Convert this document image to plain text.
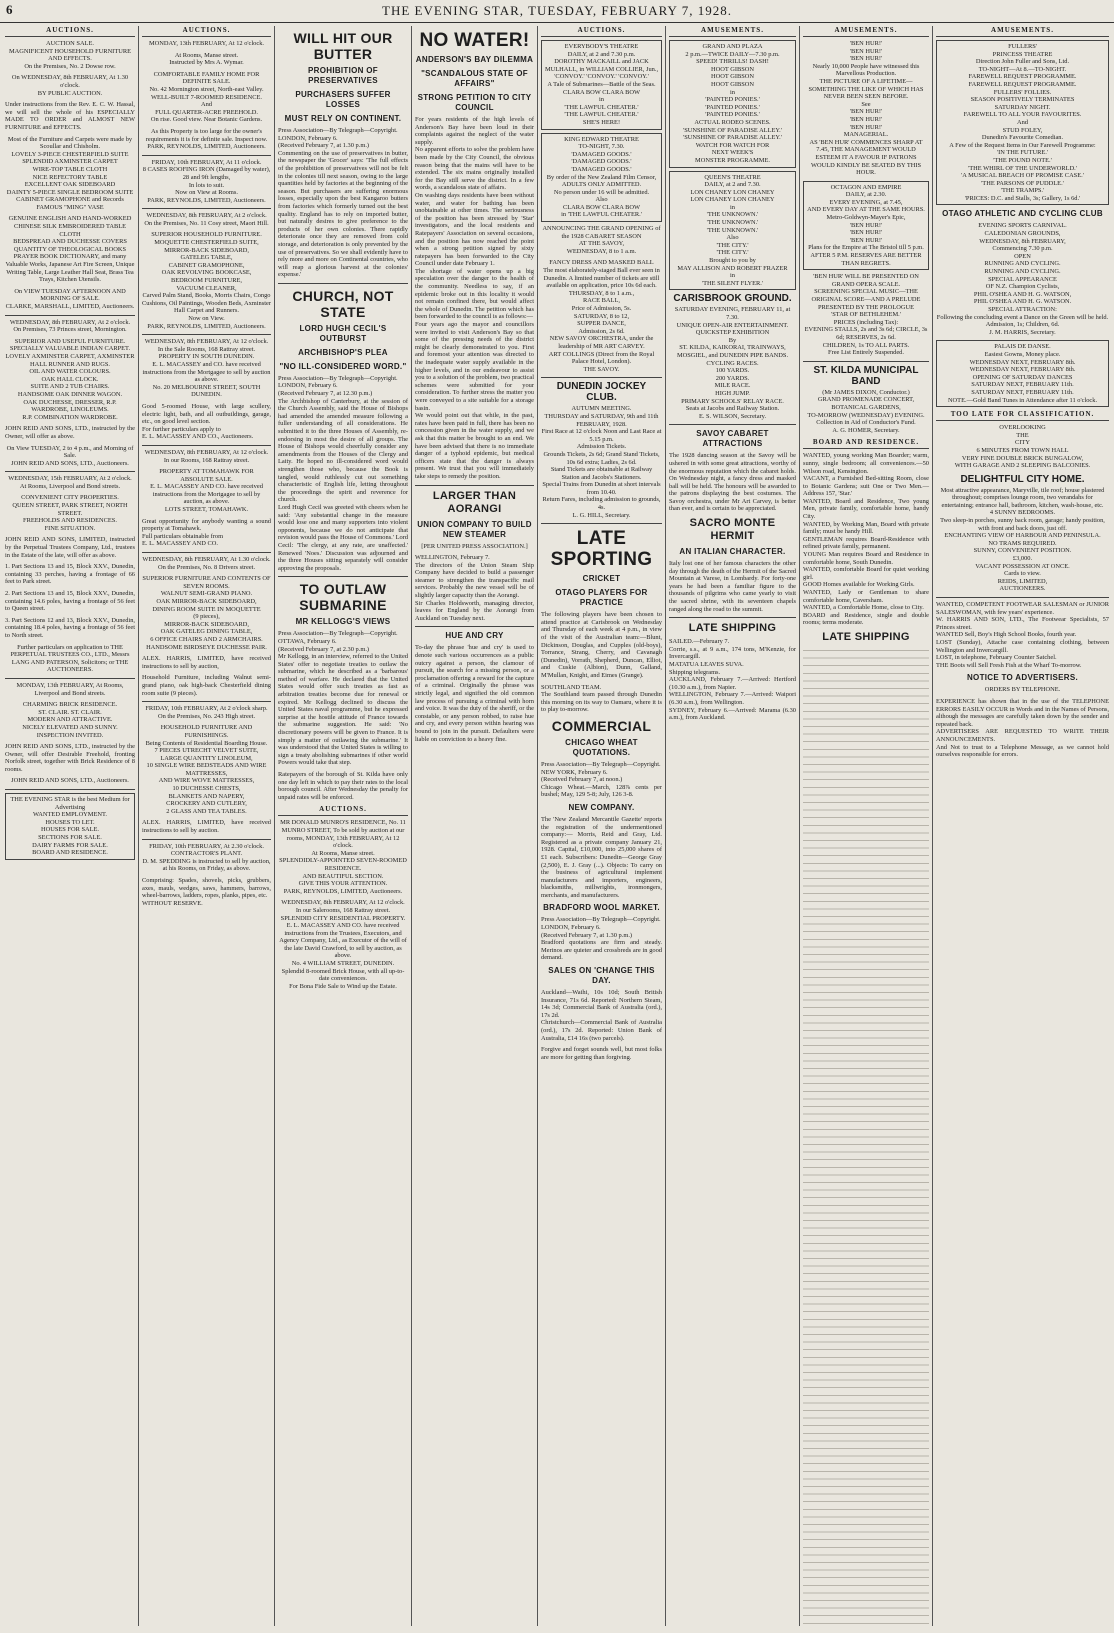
6	THE EVENING STAR, TUESDAY, FEBRUARY 7, 1928.
AUCTIONS.
AUCTION SALE.
MAGNIFICENT HOUSEHOLD FURNITURE AND EFFECTS.
On the Premises, No. 2 Dowse row.
On WEDNESDAY, 8th FEBRUARY, At 1.30 o'clock.
BY PUBLIC AUCTION.
Under instructions from the Rev. E. C. W. Hassal, we will sell the whole of his ESPECIALLY MADE TO ORDER and ALMOST NEW FURNITURE and EFFECTS.
Most of the Furniture and Carpets were made by Scoullar and Chisholm.
LOVELY 3-PIECE CHESTERFIELD SUITE
SPLENDID AXMINSTER CARPET
WIRE-TOP TABLE CLOTH
NICE REFECTORY TABLE
EXCELLENT OAK SIDEBOARD
DAINTY 5-PIECE SINGLE BEDROOM SUITE
CABINET GRAMOPHONE and Records
FAMOUS "MING" VASE
GENUINE ENGLISH AND HAND-WORKED CHINESE SILK EMBROIDERED TABLE CLOTH
BEDSPREAD AND DUCHESSE COVERS
QUANTITY OF THEOLOGICAL BOOKS
PRAYER BOOK DICTIONARY, and many Valuable Works, Japanese Art Fire Screen, Unique Writing Table, Large Leather Hall Seat, Brass Tea Trays, Kitchen Utensils.
On VIEW TUESDAY AFTERNOON AND MORNING OF SALE.
CLARKE, MARSHALL, LIMITED, Auctioneers.
WEDNESDAY, 8th FEBRUARY, At 2 o'clock.
On Premises, 73 Princes street, Mornington.
SUPERIOR AND USEFUL FURNITURE.
SPECIALLY VALUABLE INDIAN CARPET.
LOVELY AXMINSTER CARPET, AXMINSTER HALL RUNNER AND RUGS.
OIL AND WATER COLOURS.
OAK HALL CLOCK.
SUITE AND 2 TUB CHAIRS.
HANDSOME OAK DINNER WAGON.
OAK DUCHESSE, DRESSER, R.P. WARDROBE, LINOLEUMS.
R.P. COMBINATION WARDROBE.
JOHN REID AND SONS, LTD., instructed by the Owner, will offer as above.
On View TUESDAY, 2 to 4 p.m., and Morning of Sale.
JOHN REID AND SONS, LTD., Auctioneers.
WEDNESDAY, 15th FEBRUARY, At 2 o'clock.
At Rooms, Liverpool and Bond streets.
CONVENIENT CITY PROPERTIES.
QUEEN STREET, PARK STREET, NORTH STREET.
FREEHOLDS AND RESIDENCES.
FINE SITUATION.
JOHN REID AND SONS, LIMITED, instructed by the Perpetual Trustees Company, Ltd., trustees in the Estate of the late, will offer as above.
1. Part Sections 13 and 15, Block XXV., Dunedin, containing 33 perches, having a frontage of 66 feet to Park street.
2. Part Sections 13 and 15, Block XXV., Dunedin, containing 14.6 poles, having a frontage of 56 feet to Queen street.
3. Part Sections 12 and 13, Block XXV., Dunedin, containing 18.4 poles, having a frontage of 56 feet to North street.
Further particulars on application to THE PERPETUAL TRUSTEES CO., LTD., Messrs LANG AND PATERSON, Solicitors; or THE AUCTIONEERS.
MONDAY, 13th FEBRUARY, At Rooms, Liverpool and Bond streets.
CHARMING BRICK RESIDENCE.
ST. CLAIR. ST. CLAIR.
MODERN AND ATTRACTIVE.
NICELY ELEVATED AND SUNNY.
INSPECTION INVITED.
JOHN REID AND SONS, LTD., instructed by the Owner, will offer Desirable Freehold, fronting Norfolk street, together with Brick Residence of 8 rooms.
JOHN REID AND SONS, LTD., Auctioneers.
THE EVENING STAR is the best Medium for Advertising
WANTED EMPLOYMENT.
HOUSES TO LET.
HOUSES FOR SALE.
SECTIONS FOR SALE.
DAIRY FARMS FOR SALE.
BOARD AND RESIDENCE.
AUCTIONS.
MONDAY, 13th FEBRUARY, At 12 o'clock.
At Rooms, Manse street.
Instructed by Mrs A. Wymar.
COMFORTABLE FAMILY HOME FOR DEFINITE SALE.
No. 42 Mornington street, North-east Valley.
WELL-BUILT 7-ROOMED RESIDENCE.
And
FULL QUARTER-ACRE FREEHOLD.
On rise. Good view. Near Botanic Gardens.
As this Property is too large for the owner's requirements it is for definite sale. Inspect now.
PARK, REYNOLDS, LIMITED, Auctioneers.
FRIDAY, 10th FEBRUARY, At 11 o'clock.
8 CASES ROOFING IRON (Damaged by water),
28 and 9ft lengths,
In lots to suit.
Now on View at Rooms.
PARK, REYNOLDS, LIMITED, Auctioneers.
WEDNESDAY, 8th FEBRUARY, At 2 o'clock.
On the Premises, No. 11 Cosy street, Maori Hill.
SUPERIOR HOUSEHOLD FURNITURE.
MOQUETTE CHESTERFIELD SUITE,
MIRROR-BACK SIDEBOARD,
GATELEG TABLE,
CABINET GRAMOPHONE,
OAK REVOLVING BOOKCASE,
BEDROOM FURNITURE,
VACUUM CLEANER,
Carved Palm Stand, Books, Morris Chairs, Congo Cushions, Oil Paintings, Wooden Beds, Axminster Hall Carpet and Runners.
Now on View.
PARK, REYNOLDS, LIMITED, Auctioneers.
WEDNESDAY, 8th FEBRUARY, At 12 o'clock.
In the Sale Rooms, 168 Rattray street.
PROPERTY IN SOUTH DUNEDIN.
E. L. MACASSEY and CO. have received instructions from the Mortgagee to sell by auction as above.
No. 20 MELBOURNE STREET, SOUTH DUNEDIN.
Good 5-roomed House, with large scullery, electric light, bath, and all outbuildings, garage, etc., on good level section.
For further particulars apply to
E. L. MACASSEY AND CO., Auctioneers.
WEDNESDAY, 8th FEBRUARY, At 12 o'clock.
In our Rooms, 168 Rattray street.
PROPERTY AT TOMAHAWK FOR ABSOLUTE SALE.
E. L. MACASSEY AND CO. have received instructions from the Mortgagee to sell by auction, as above.
LOTS STREET, TOMAHAWK.
Great opportunity for anybody wanting a sound property at Tomahawk.
Full particulars obtainable from
E. L. MACASSEY AND CO.
WEDNESDAY, 8th FEBRUARY, At 1.30 o'clock.
On the Premises, No. 8 Drivers street.
SUPERIOR FURNITURE AND CONTENTS OF SEVEN ROOMS.
WALNUT SEMI-GRAND PIANO.
OAK MIRROR-BACK SIDEBOARD,
DINING ROOM SUITE IN MOQUETTE
(9 pieces),
MIRROR-BACK SIDEBOARD,
OAK GATELEG DINING TABLE,
6 OFFICE CHAIRS AND 2 ARMCHAIRS.
HANDSOME BIRDSEYE DUCHESSE PAIR.
ALEX. HARRIS, LIMITED, have received instructions to sell by auction,
Household Furniture, including Walnut semi-grand piano, oak high-back Chesterfield dining room suite (9 pieces).
FRIDAY, 10th FEBRUARY, At 2 o'clock sharp.
On the Premises, No. 243 High street.
HOUSEHOLD FURNITURE AND FURNISHINGS.
Being Contents of Residential Boarding House.
7 PIECES UTRECHT VELVET SUITE,
LARGE QUANTITY LINOLEUM,
10 SINGLE WIRE BEDSTEADS AND WIRE MATTRESSES,
AND WIRE WOVE MATTRESSES,
10 DUCHESSE CHESTS,
BLANKETS AND NAPERY,
CROCKERY AND CUTLERY,
2 GLASS AND TEA TABLES.
ALEX. HARRIS, LIMITED, have received instructions to sell by auction.
FRIDAY, 10th FEBRUARY, At 2.30 o'clock.
CONTRACTOR'S PLANT.
D. M. SPEDDING is instructed to sell by auction, at his Rooms, on Friday, as above.
Comprising: Spades, shovels, picks, grubbers, axes, mauls, wedges, saws, hammers, barrows, wheel-barrows, ladders, ropes, planks, pipes, etc.
WITHOUT RESERVE.
WILL HIT OUR BUTTER
PROHIBITION OF PRESERVATIVES
PURCHASERS SUFFER LOSSES
MUST RELY ON CONTINENT.
Press Association—By Telegraph—Copyright.
LONDON, February 6.
(Received February 7, at 1.30 p.m.)
Commenting on the use of preservatives in butter, the newspaper the 'Grocer' says: 'The full effects of the prohibition of preservatives will not be felt in the colonies till next season, owing to the large quantities held by factories at the beginning of the season. But purchasers are suffering enormous losses, especially upon the best Kangaroo butters from factories which formerly turned out the best quality. England has to rely on imported butter, but naturally desires to give preference to the products of her own colonies. There rapidly deteriorate once they are removed from cold storage, and deterioration is only prevented by the use of preservatives. So we shall evidently have to rely more and more on Continental countries, who will reap a glorious harvest at the colonies' expense.'
CHURCH, NOT STATE
LORD HUGH CECIL'S OUTBURST
ARCHBISHOP'S PLEA
"NO ILL-CONSIDERED WORD."
Press Association—By Telegraph—Copyright.
LONDON, February 6.
(Received February 7, at 12.30 p.m.)
The Archbishop of Canterbury, at the session of the Church Assembly, said the House of Bishops had amended the amended measure following a fuller understanding of all considerations. He submitted it to the three Houses of Assembly, re-endorsing in most the desire of all groups. The House of Bishops would cheerfully consider any amendments from the Houses of the Clergy and Laity. He hoped no ill-considered word would strengthen those who, because the Book is tangled, would ruthlessly cut out something characteristic of English life, letting throughout the proceedings the spirit and reverence for church.
Lord Hugh Cecil was greeted with cheers when he said: 'Any substantial change in the measure would lose one and many supporters into violent opponents, because we do not anticipate that revision would pass the House of Commons.' Lord Cecil: 'The clergy, at any rate, are unaffected.' Renewed 'Noes.' Discussion was adjourned and the three Houses sitting separately will consider approving the proposals.
TO OUTLAW SUBMARINE
MR KELLOGG'S VIEWS
Press Association—By Telegraph—Copyright.
OTTAWA, February 6.
(Received February 7, at 2.30 p.m.)
Mr Kellogg, in an interview, referred to the United States' offer to negotiate treaties to outlaw the submarine, which he described as a 'barbarous' method of warfare. He declared that the United States would offer such treaties as fast as arbitration treaties become due for renewal or expired. Mr Kellogg declined to discuss the United States naval programme, but he expressed surprise at the hostile attitude of France towards the submarine suggestion. He said: 'No discretionary powers will be given to France. It is simply a matter of outlawing the submarine.' It was understood that the United States is willing to sign a treaty abolishing submarines if other world Powers would take that step.
Ratepayers of the borough of St. Kilda have only one day left in which to pay their rates to the local borough council. After Wednesday the penalty for unpaid rates will be enforced.
AUCTIONS.
MR DONALD MUNRO'S RESIDENCE, No. 11 MUNRO STREET, To be sold by auction at our rooms, MONDAY, 13th FEBRUARY, At 12 o'clock.
At Rooms, Manse street.
SPLENDIDLY-APPOINTED SEVEN-ROOMED RESIDENCE.
AND BEAUTIFUL SECTION.
GIVE THIS YOUR ATTENTION.
PARK, REYNOLDS, LIMITED, Auctioneers.
WEDNESDAY, 8th FEBRUARY, At 12 o'clock.
In our Salerooms, 168 Rattray street.
SPLENDID CITY RESIDENTIAL PROPERTY.
E. L. MACASSEY AND CO. have received instructions from the Trustees, Executors, and Agency Company, Ltd., as Executor of the will of the late David Crawford, to sell by auction, as above.
No. 4 WILLIAM STREET, DUNEDIN.
Splendid 8-roomed Brick House, with all up-to-date conveniences.
For Bona Fide Sale to Wind up the Estate.
NO WATER!
ANDERSON'S BAY DILEMMA
"SCANDALOUS STATE OF AFFAIRS"
STRONG PETITION TO CITY COUNCIL
For years residents of the high levels of Anderson's Bay have been loud in their complaints against the neglect of the water supply.
No apparent efforts to solve the problem have been made by the City Council, the obvious reason being that the mains will have to be extended. The six mains originally installed for the Bay still serve the district. In a few words, a scandalous state of affairs.
On washing days residents have been without water, and water for bathing has been unobtainable at other times. The seriousness of the position has been stressed by 'Star' investigators, and the local residents and Ratepayers' Association on several occasions, and the position has now reached the point when a strong petition signed by sixty ratepayers has been forwarded to the City Council under date February 1.
The shortage of water opens up a big speculation over the danger to the health of the community. Needless to say, if an epidemic broke out in this locality it would not remain confined there, but would affect the whole of Dunedin. The petition which has been forwarded to the council is as follows:—
Four years ago the mayor and councillors were invited to visit Anderson's Bay so that some of the pressing needs of the district might be clearly demonstrated to you. First and foremost your attention was directed to the inadequate water supply available in the higher levels, and in our endeavour to assist you to a solution of the problem, two practical schemes were submitted for your consideration. To further stress the matter you were conveyed to a site suitable for a storage basin.
We would point out that while, in the past, rates have been paid in full, there has been no concession given in the water supply, and we ask that this matter be brought to an end. We have been advised that there is no immediate danger of a typhoid epidemic, but medical officers state that the danger is always present. We trust that you will immediately take steps to remedy the position.
LARGER THAN AORANGI
UNION COMPANY TO BUILD NEW STEAMER
[PER UNITED PRESS ASSOCIATION.]
WELLINGTON, February 7.
The directors of the Union Steam Ship Company have decided to build a passenger steamer to strengthen the transpacific mail services. Probably the new vessel will be of slightly larger capacity than the Aorangi.
Sir Charles Holdsworth, managing director, leaves for England by the Aorangi from Auckland on Tuesday next.
HUE AND CRY
To-day the phrase 'hue and cry' is used to denote such various occurrences as a public outcry against a person, the clamour of pursuit, the search for a missing person, or a proclamation offering a reward for the capture of a criminal. Originally the phrase was strictly legal, and signified the old common law process of pursuing a criminal with horn and voice. It was the duty of the sheriff, or the constable, or any person robbed, to raise hue and cry, and every person within hearing was bound to join in the pursuit. Defaulters were liable on conviction to a heavy fine.
AUCTIONS.
EVERYBODY'S THEATRE
DAILY, at 2 and 7.30 p.m.
DOROTHY MACKAILL and JACK MULHALL, in WILLIAM COLLIER, Jun.,
'CONVOY.' 'CONVOY.' 'CONVOY.'
A Tale of Submarines—Battle of the Seas.
CLARA BOW CLARA BOW
in
'THE LAWFUL CHEATER.'
'THE LAWFUL CHEATER.'
SHE'S HERE!
KING EDWARD THEATRE
TO-NIGHT, 7.30.
'DAMAGED GOODS.'
'DAMAGED GOODS.'
'DAMAGED GOODS.'
By order of the New Zealand Film Censor, ADULTS ONLY ADMITTED.
No person under 16 will be admitted.
Also
CLARA BOW CLARA BOW
in 'THE LAWFUL CHEATER.'
ANNOUNCING THE GRAND OPENING of the 1928 CABARET SEASON
AT THE SAVOY,
WEDNESDAY, 8 to 1 a.m.
FANCY DRESS AND MASKED BALL
The most elaborately-staged Ball ever seen in Dunedin. A limited number of tickets are still available on application, price 10s 6d each.
THURSDAY, 8 to 1 a.m.,
RACE BALL,
Price of Admission, 5s.
SATURDAY, 8 to 12,
SUPPER DANCE,
Admission, 2s 6d.
NEW SAVOY ORCHESTRA, under the leadership of MR ART CARVEY.
ART COLLINGS (Direct from the Royal Palace Hotel, London).
THE SAVOY.
DUNEDIN JOCKEY CLUB.
AUTUMN MEETING.
THURSDAY and SATURDAY, 9th and 11th FEBRUARY, 1928.
First Race at 12 o'clock Noon and Last Race at 5.15 p.m.
Admission Tickets.
Grounds Tickets, 2s 6d; Grand Stand Tickets, 10s 6d extra; Ladies, 2s 6d.
Stand Tickets are obtainable at Railway Station and Jacobs's Stationers.
Special Trains from Dunedin at short intervals from 10.40.
Return Fares, including admission to grounds, 4s.
L. G. HILL, Secretary.
LATE SPORTING
CRICKET
OTAGO PLAYERS FOR PRACTICE
The following players have been chosen to attend practice at Carisbrook on Wednesday and Thursday of each week at 4 p.m., in view of the visit of the Australian team:—Blunt, Dickinson, Douglas, and Cupples (old-boys), Torrance, Strang, Cherry, and Cavanagh (Dunedin), Vorrath, Shepherd, Duncan, Elliot, and Cuskie (Albion), Dunn, Galland, M'Mullan, Knight, and Eimes (Grange).
SOUTHLAND TEAM.
The Southland team passed through Dunedin this morning on its way to Oamaru, where it is to play to-morrow.
COMMERCIAL
CHICAGO WHEAT QUOTATIONS.
Press Association—By Telegraph—Copyright.
NEW YORK, February 6.
(Received February 7, at noon.)
Chicago Wheat.—March, 128⅞ cents per bushel; May, 129 5-8; July, 126 3-8.
NEW COMPANY.
The 'New Zealand Mercantile Gazette' reports the registration of the undermentioned company:— Morris, Reid and Gray, Ltd. Registered as a private company January 21, 1928. Capital, £10,000, into 25,000 shares of £1 each. Subscribers: Dunedin—George Gray (2,500), E. J. Gray (...). Objects: To carry on the business of agricultural implement manufacturers and importers, engineers, blacksmiths, millwrights, ironmongers, merchants, and manufacturers.
BRADFORD WOOL MARKET.
Press Association—By Telegraph—Copyright.
LONDON, February 6.
(Received February 7, at 1.30 p.m.)
Bradford quotations are firm and steady. Merinos are quieter and crossbreds are in good demand.
SALES ON 'CHANGE THIS DAY.
Auckland—Waihi, 10s 10d; South British Insurance, 71s 6d. Reported: Northern Steam, 14s 3d; Commercial Bank of Australia (ord.), 17s 2d.
Christchurch—Commercial Bank of Australia (ord.), 17s 2d. Reported: Union Bank of Australia, £14 16s (two parcels).
Forgive and forget sounds well, but most folks are more for getting than forgiving.
AMUSEMENTS.
GRAND AND PLAZA
2 p.m.—TWICE DAILY—7.30 p.m.
SPEED! THRILLS! DASH!
HOOT GIBSON
HOOT GIBSON
HOOT GIBSON
in
'PAINTED PONIES.'
'PAINTED PONIES.'
'PAINTED PONIES.'
ACTUAL RODEO SCENES.
'SUNSHINE OF PARADISE ALLEY.'
'SUNSHINE OF PARADISE ALLEY.'
WATCH FOR WATCH FOR
NEXT WEEK'S
MONSTER PROGRAMME.
QUEEN'S THEATRE
DAILY, at 2 and 7.30.
LON CHANEY LON CHANEY
LON CHANEY LON CHANEY
in
'THE UNKNOWN.'
'THE UNKNOWN.'
'THE UNKNOWN.'
Also
'THE CITY.'
'THE CITY.'
Brought to you by
MAY ALLISON AND ROBERT FRAZER
in
'THE SILENT FLYER.'
CARISBROOK GROUND.
SATURDAY EVENING, FEBRUARY 11, at 7.30.
UNIQUE OPEN-AIR ENTERTAINMENT.
QUICKSTEP EXHIBITION
By
ST. KILDA, KAIKORAI, TRAINWAYS, MOSGIEL, and DUNEDIN PIPE BANDS.
CYCLING RACES.
100 YARDS.
200 YARDS.
MILE RACE.
HIGH JUMP.
PRIMARY SCHOOLS' RELAY RACE.
Seats at Jacobs and Railway Station.
E. S. WILSON, Secretary.
SAVOY CABARET ATTRACTIONS
The 1928 dancing season at the Savoy will be ushered in with some great attractions, worthy of the enormous reputation which the cabaret holds. On Wednesday night, a fancy dress and masked ball will be held. The honours will be awarded to the patrons displaying the best costumes. The Savoy orchestra, under Mr Art Carvey, is better than ever, and is certain to be appreciated.
SACRO MONTE HERMIT
AN ITALIAN CHARACTER.
Italy lost one of her famous characters the other day through the death of the Hermit of the Sacred Mountain at Varese, in Lombardy. For forty-one years he had been a familiar figure to the thousands of pilgrims who came yearly to visit the sacred shrine, with its seventeen chapels ranged along the road to the summit.
LATE SHIPPING
SAILED.—February 7.
Corrie, s.s., at 9 a.m., 174 tons, M'Kenzie, for Invercargill.
MATATUA LEAVES SUVA.
Shipping telegrams.
AUCKLAND, February 7.—Arrived: Hertford (10.30 a.m.), from Napier.
WELLINGTON, February 7.—Arrived: Waipori (6.30 a.m.), from Wellington.
SYDNEY, February 6.—Arrived: Marama (6.30 a.m.), from Auckland.
AMUSEMENTS.
'BEN HUR!'
'BEN HUR!'
'BEN HUR!'
Nearly 10,000 People have witnessed this Marvellous Production.
THE PICTURE OF A LIFETIME—SOMETHING THE LIKE OF WHICH HAS NEVER BEEN SEEN BEFORE.
See
'BEN HUR!'
'BEN HUR!'
'BEN HUR!'
MANAGERIAL.
AS 'BEN HUR' COMMENCES SHARP AT 7.45, THE MANAGEMENT WOULD ESTEEM IT A FAVOUR IF PATRONS WOULD KINDLY BE SEATED BY THIS HOUR.
OCTAGON AND EMPIRE
DAILY, at 2.30.
EVERY EVENING, at 7.45,
AND EVERY DAY AT THE SAME HOURS.
Metro-Goldwyn-Mayer's Epic,
'BEN HUR!'
'BEN HUR!'
'BEN HUR!'
Plans for the Empire at The Bristol till 5 p.m.
AFTER 5 P.M. RESERVES ARE BETTER THAN REGRETS.
'BEN HUR' WILL BE PRESENTED ON GRAND OPERA SCALE.
SCREENING SPECIAL MUSIC—THE ORIGINAL SCORE—AND A PRELUDE PRESENTED BY THE PROLOGUE
'STAR OF BETHLEHEM.'
PRICES (including Tax):
EVENING STALLS, 2s and 3s 6d; CIRCLE, 3s 6d; RESERVES, 2s 6d.
CHILDREN, 1s TO ALL PARTS.
Free List Entirely Suspended.
ST. KILDA MUNICIPAL BAND
(Mr JAMES DIXON, Conductor.)
GRAND PROMENADE CONCERT,
BOTANICAL GARDENS,
TO-MORROW (WEDNESDAY) EVENING.
Collection in Aid of Conductor's Fund.
A. G. HOMER, Secretary.
BOARD AND RESIDENCE.
WANTED, young working Man Boarder; warm, sunny, single bedroom; all conveniences.—50 Wilson road, Kensington.
VACANT, a Furnished Bed-sitting Room, close to Botanic Gardens; suit One or Two Men.—Address 157, 'Star.'
WANTED, Board and Residence, Two young Men, private family, comfortable home, handy City.
WANTED, by Working Man, Board with private family; must be handy Hill.
GENTLEMAN requires Board-Residence with refined private family, permanent.
YOUNG Man requires Board and Residence in comfortable home, South Dunedin.
WANTED, comfortable Board for quiet working girl.
GOOD Homes available for Working Girls.
WANTED, Lady or Gentleman to share comfortable home, Caversham.
WANTED, a Comfortable Home, close to City.
BOARD and Residence, single and double rooms; terms moderate.
LATE SHIPPING
AMUSEMENTS.
FULLERS'
PRINCESS THEATRE
Direction John Fuller and Sons, Ltd.
TO-NIGHT—At 8.—TO-NIGHT.
FAREWELL REQUEST PROGRAMME.
FAREWELL REQUEST PROGRAMME.
FULLERS' FOLLIES.
SEASON POSITIVELY TERMINATES
SATURDAY NIGHT.
FAREWELL TO ALL YOUR FAVOURITES.
And
STUD FOLEY,
Dunedin's Favourite Comedian.
A Few of the Request Items in Our Farewell Programme:
'IN THE FUTURE.'
'THE POUND NOTE.'
'THE WHIRL OF THE UNDERWORLD.'
'A MUSICAL BREACH OF PROMISE CASE.'
'THE PARSONS OF PUDDLE.'
'THE TRAMPS.'
'PRICES: D.C. and Stalls, 3s; Gallery, 1s 6d.'
OTAGO ATHLETIC AND CYCLING CLUB
EVENING SPORTS CARNIVAL.
CALEDONIAN GROUNDS,
WEDNESDAY, 8th FEBRUARY,
Commencing 7.30 p.m.
OPEN
RUNNING AND CYCLING.
RUNNING AND CYCLING.
SPECIAL APPEARANCE
OF N.Z. Champion Cyclists,
PHIL O'SHEA AND H. G. WATSON,
PHIL O'SHEA AND H. G. WATSON.
SPECIAL ATTRACTION:
Following the concluding event a Dance on the Green will be held.
Admission, 1s; Children, 6d.
J. M. HARRIS, Secretary.
PALAIS DE DANSE.
Easiest Gowns, Money place.
WEDNESDAY NEXT, FEBRUARY 8th.
WEDNESDAY NEXT, FEBRUARY 8th.
OPENING OF SATURDAY DANCES
SATURDAY NEXT, FEBRUARY 11th.
SATURDAY NEXT, FEBRUARY 11th.
NOTE.—Gold Band Tunes in Attendance after 11 o'clock.
TOO LATE FOR CLASSIFICATION.
OVERLOOKING
THE
CITY
6 MINUTES FROM TOWN HALL
VERY FINE DOUBLE BRICK BUNGALOW,
WITH GARAGE AND 2 SLEEPING BALCONIES.
DELIGHTFUL CITY HOME.
Most attractive appearance, Maryville, tile roof; house plastered throughout; comprises lounge room, two verandahs for entertaining; entrance hall, bathroom, kitchen, wash-house, etc.
4 SUNNY BEDROOMS.
Two sleep-in porches, sunny back room, garage; handy position, with front and back doors, just off.
ENCHANTING VIEW OF HARBOUR AND PENINSULA.
NO TRAMS REQUIRED.
SUNNY, CONVENIENT POSITION.
£3,000.
VACANT POSSESSION AT ONCE.
Cards to view.
REIDS, LIMITED,
AUCTIONEERS.
WANTED, COMPETENT FOOTWEAR SALESMAN or JUNIOR SALESWOMAN, with few years' experience.
W. HARRIS AND SON, LTD., The Footwear Specialists, 57 Princes street.
WANTED Sell, Boy's High School Books, fourth year.
LOST (Sunday), Attache case containing clothing, between Wellington and Invercargill.
LOST, in telephone, February Counter Satchel.
THE Boots will Sell Fresh Fish at the Wharf To-morrow.
NOTICE TO ADVERTISERS.
ORDERS BY TELEPHONE.
EXPERIENCE has shown that in the use of the TELEPHONE ERRORS EASILY OCCUR in Words and in the Names of Persons, although the messages are carefully taken down by the sender and repeated back.
ADVERTISERS ARE REQUESTED TO WRITE THEIR ANNOUNCEMENTS.
And Not to trust to a Telephone Message, as we cannot hold ourselves responsible for errors.
